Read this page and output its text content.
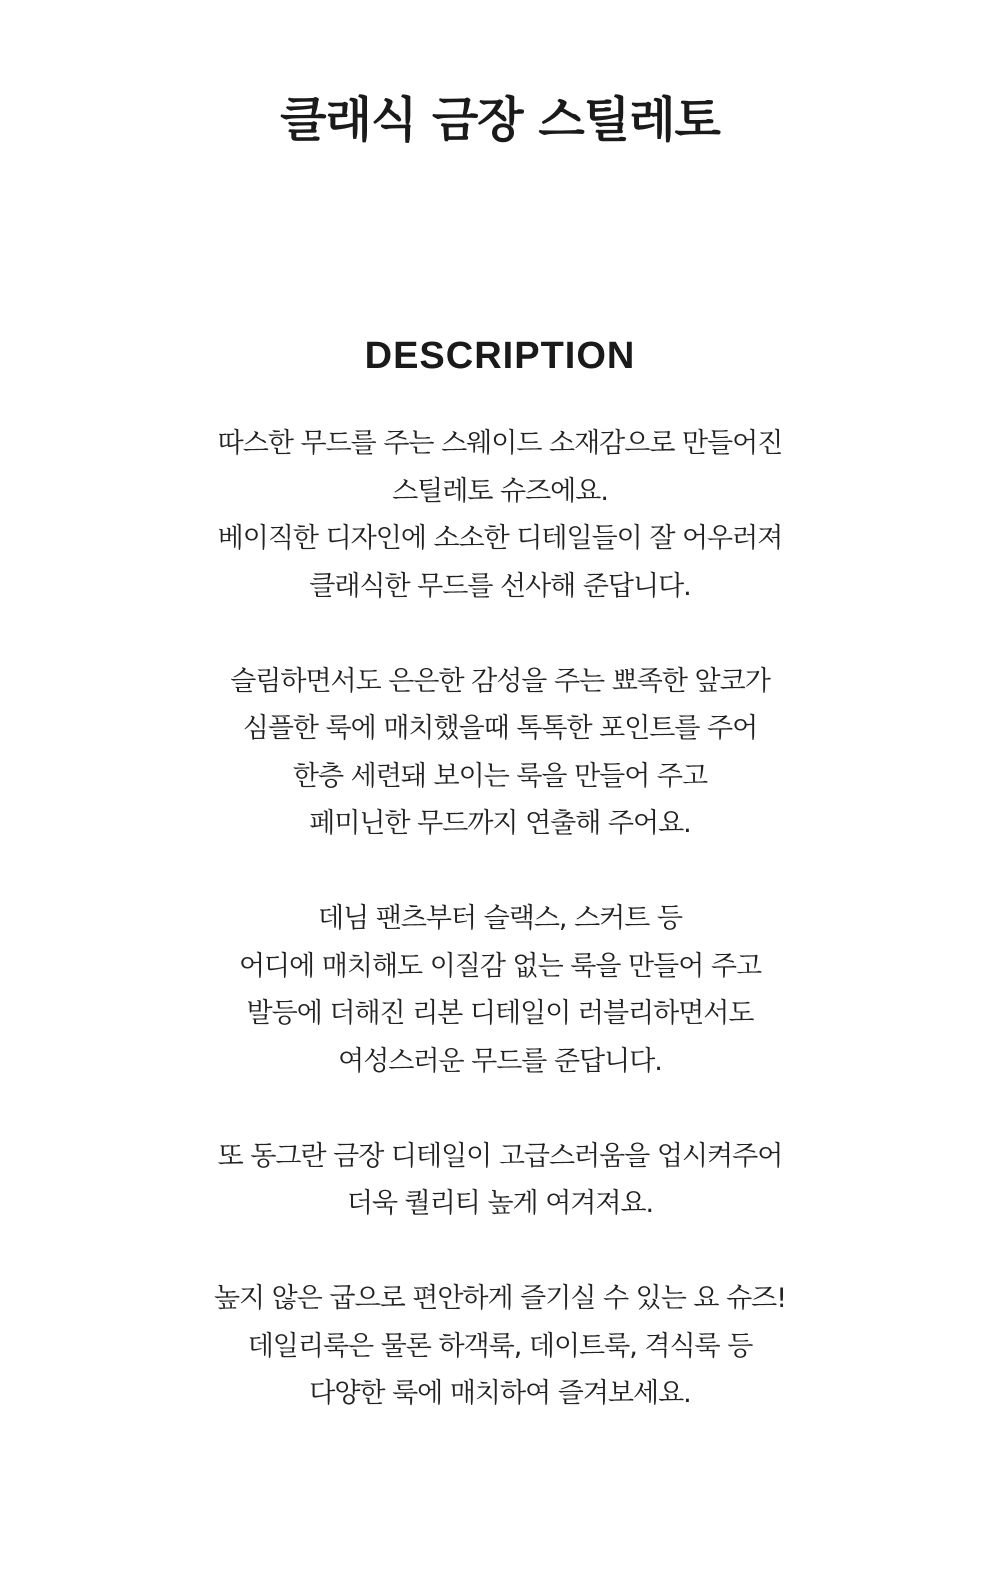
클래식 금장 스틸레토
DESCRIPTION

따스한 무드를 주는 스웨이드 소재감으로 만들어진
스틸레토 슈즈에요.
베이직한 디자인에 소소한 디테일들이 잘 어우러져
클래식한 무드를 선사해 준답니다.

슬림하면서도 은은한 감성을 주는 뾰족한 앞코가
심플한 룩에 매치했을때 톡톡한 포인트를 주어
한층 세련돼 보이는 룩을 만들어 주고
페미닌한 무드까지 연출해 주어요.

데님 팬츠부터 슬랙스, 스커트 등
어디에 매치해도 이질감 없는 룩을 만들어 주고
발등에 더해진 리본 디테일이 러블리하면서도
여성스러운 무드를 준답니다.

또 동그란 금장 디테일이 고급스러움을 업시켜주어
더욱 퀄리티 높게 여겨져요.

높지 않은 굽으로 편안하게 즐기실 수 있는 요 슈즈!
데일리룩은 물론 하객룩, 데이트룩, 격식룩 등
다양한 룩에 매치하여 즐겨보세요.
